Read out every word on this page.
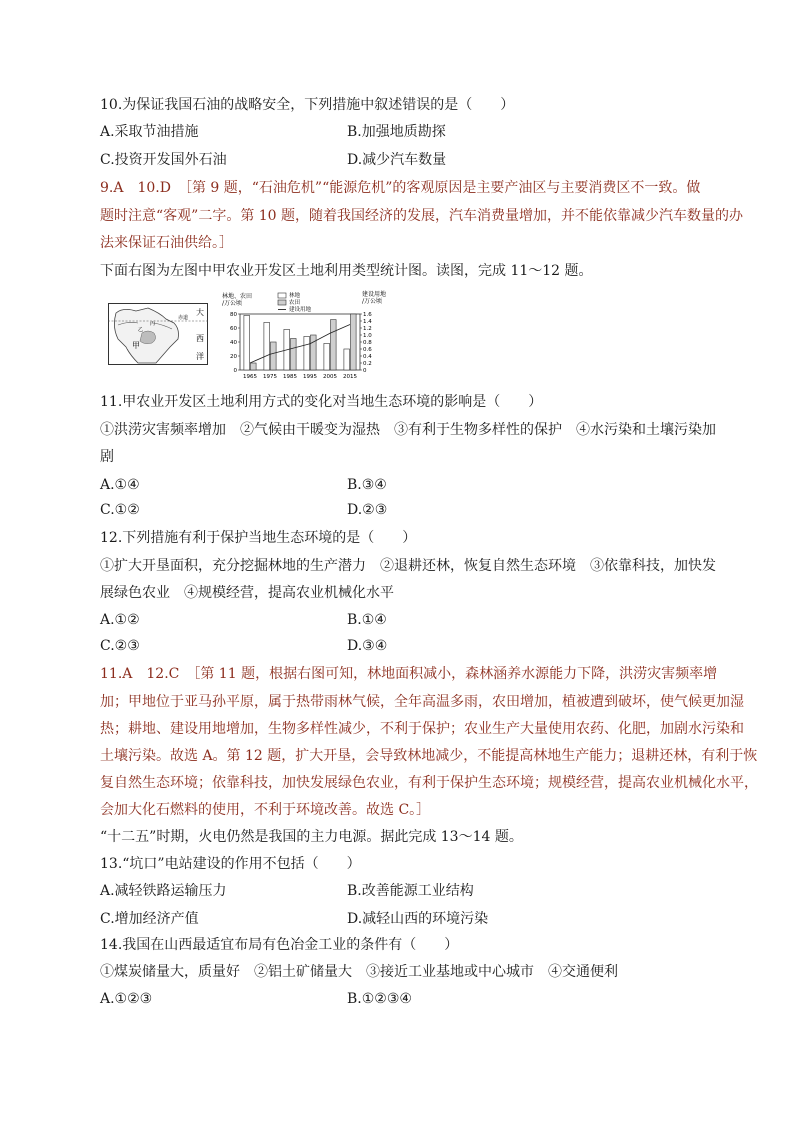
10.为保证我国石油的战略安全，下列措施中叙述错误的是（　　）
A.采取节油措施	B.加强地质勘探
C.投资开发国外石油	D.减少汽车数量
9.A　10.D　［第 9 题，“石油危机”“能源危机”的客观原因是主要产油区与主要消费区不一致。做
题时注意“客观”二字。第 10 题，随着我国经济的发展，汽车消费量增加，并不能依靠减少汽车数量的办
法来保证石油供给。］
下面右图为左图中甲农业开发区土地利用类型统计图。读图，完成 11～12 题。
赤道
甲
大
西
洋
乙
丙
林地、农田
/万公顷
建设用地
/万公顷
林地
农田
建设用地
80
60
40
20
0
1.6
1.4
1.2
1.0
0.8
0.6
0.4
0.2
0
1965 1975 1985 1995 2005 2015
11.甲农业开发区土地利用方式的变化对当地生态环境的影响是（　　）
①洪涝灾害频率增加　②气候由干暖变为湿热　③有利于生物多样性的保护　④水污染和土壤污染加
剧
A.①④	B.③④
C.①②	D.②③
12.下列措施有利于保护当地生态环境的是（　　）
①扩大开垦面积，充分挖掘林地的生产潜力　②退耕还林，恢复自然生态环境　③依靠科技，加快发
展绿色农业　④规模经营，提高农业机械化水平
A.①②	B.①④
C.②③	D.③④
11.A　12.C　［第 11 题，根据右图可知，林地面积减小，森林涵养水源能力下降，洪涝灾害频率增
加；甲地位于亚马孙平原，属于热带雨林气候，全年高温多雨，农田增加，植被遭到破坏，使气候更加湿
热；耕地、建设用地增加，生物多样性减少，不利于保护；农业生产大量使用农药、化肥，加剧水污染和
土壤污染。故选 A。第 12 题，扩大开垦，会导致林地减少，不能提高林地生产能力；退耕还林，有利于恢
复自然生态环境；依靠科技，加快发展绿色农业，有利于保护生态环境；规模经营，提高农业机械化水平，
会加大化石燃料的使用，不利于环境改善。故选 C。］
“十二五”时期，火电仍然是我国的主力电源。据此完成 13～14 题。
13.“坑口”电站建设的作用不包括（　　）
A.减轻铁路运输压力	B.改善能源工业结构
C.增加经济产值	D.减轻山西的环境污染
14.我国在山西最适宜布局有色冶金工业的条件有（　　）
①煤炭储量大，质量好　②铝土矿储量大　③接近工业基地或中心城市　④交通便利
A.①②③	B.①②③④
